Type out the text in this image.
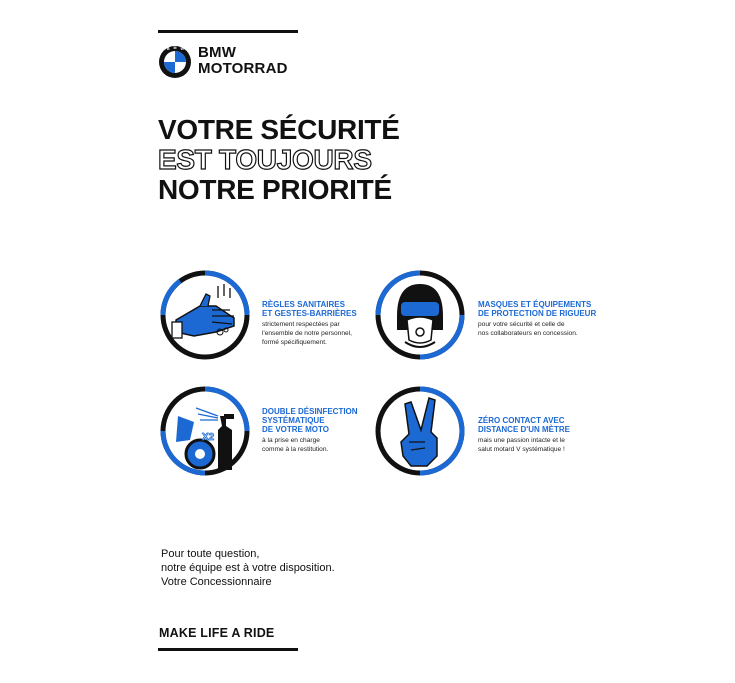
B M W BMW
MOTORRAD
VOTRE SÉCURITÉ
EST TOUJOURS
NOTRE PRIORITÉ
RÈGLES SANITAIRES
ET GESTES-BARRIÈRES
strictement respectées par
l'ensemble de notre personnel,
formé spécifiquement.
MASQUES ET ÉQUIPEMENTS
DE PROTECTION DE RIGUEUR
pour votre sécurité et celle de
nos collaborateurs en concession.
X2
DOUBLE DÉSINFECTION
SYSTÉMATIQUE
DE VOTRE MOTO
à la prise en charge
comme à la restitution.
ZÉRO CONTACT AVEC
DISTANCE D'UN MÈTRE
mais une passion intacte et le
salut motard V systématique !
Pour toute question,
notre équipe est à votre disposition.
Votre Concessionnaire
MAKE LIFE A RIDE
